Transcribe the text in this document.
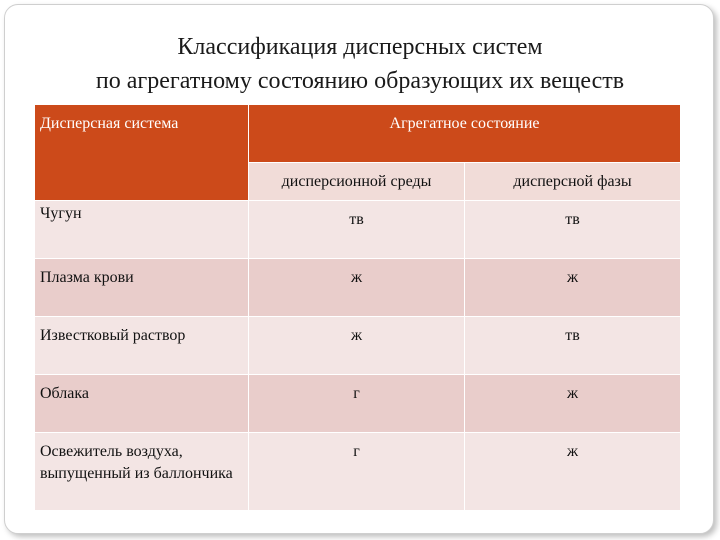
Классификация дисперсных систем
по агрегатному состоянию образующих их веществ
Дисперсная система	Агрегатное состояние	
	дисперсионной среды	дисперсной фазы
Чугун	тв	тв
Плазма крови	ж	ж
Известковый раствор	ж	тв
Облака	г	ж
Освежитель воздуха, выпущенный из баллончика	г	ж
